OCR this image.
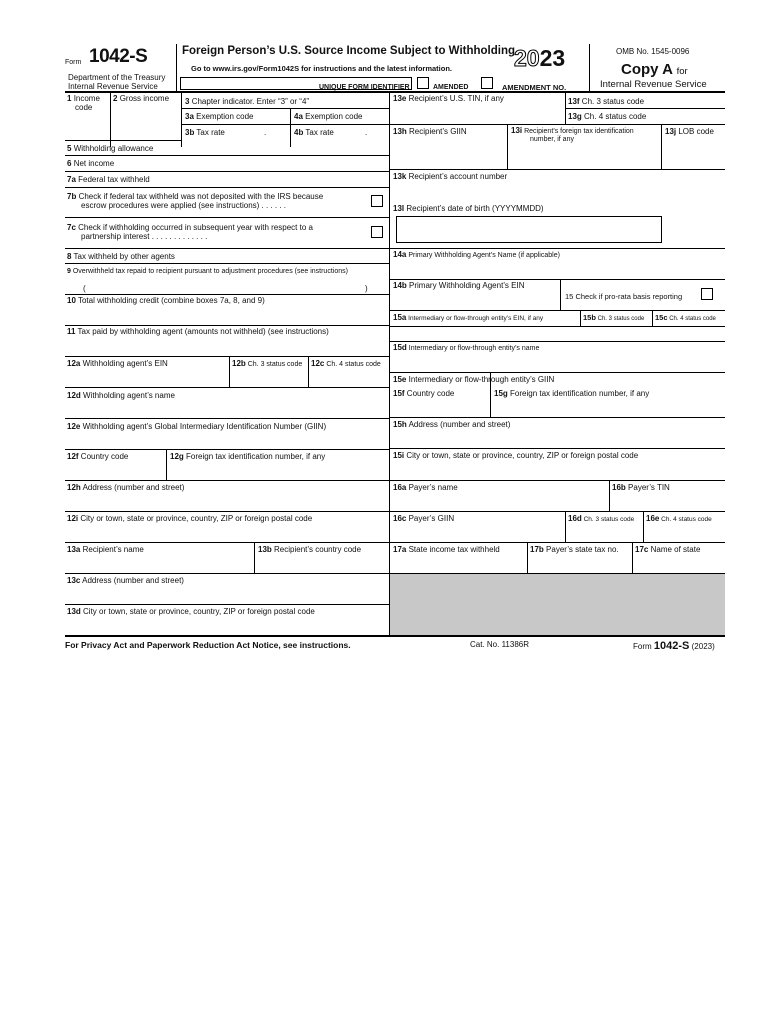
Form 1042-S
Department of the Treasury
Internal Revenue Service
Foreign Person’s U.S. Source Income Subject to Withholding
Go to www.irs.gov/Form1042S for instructions and the latest information.
UNIQUE FORM IDENTIFIER	AMENDED	AMENDMENT NO.
2023	OMB No. 1545-0096
Copy A for
Internal Revenue Service
1 Income
code
2 Gross income 3 Chapter indicator. Enter “3” or “4”
3a Exemption code	4a Exemption code
3b Tax rate	.	4b Tax rate	.
5 Withholding allowance
6 Net income
7a Federal tax withheld
7b Check if federal tax withheld was not deposited with the IRS because
escrow procedures were applied (see instructions) . . . . . .
7c Check if withholding occurred in subsequent year with respect to a
partnership interest . . . . . . . . . . . . .
8 Tax withheld by other agents
9 Overwithheld tax repaid to recipient pursuant to adjustment procedures (see instructions)
(	)
10 Total withholding credit (combine boxes 7a, 8, and 9)
11 Tax paid by withholding agent (amounts not withheld) (see instructions)
12a Withholding agent’s EIN	12b Ch. 3 status code 12c Ch. 4 status code
12d Withholding agent’s name
12e Withholding agent’s Global Intermediary Identification Number (GIIN)
12f Country code	12g Foreign tax identification number, if any
12h Address (number and street)
12i City or town, state or province, country, ZIP or foreign postal code
13a Recipient’s name	13b Recipient’s country code
13c Address (number and street)
13d City or town, state or province, country, ZIP or foreign postal code
13e Recipient’s U.S. TIN, if any	13f Ch. 3 status code
13g Ch. 4 status code
13h Recipient’s GIIN	13i Recipient’s foreign tax identification
number, if any
13j LOB code
13k Recipient’s account number
13l Recipient’s date of birth (YYYYMMDD)
14a Primary Withholding Agent’s Name (if applicable)
14b Primary Withholding Agent’s EIN
15 Check if pro-rata basis reporting
15a Intermediary or flow-through entity’s EIN, if any	15b Ch. 3 status code 15c Ch. 4 status code
15d Intermediary or flow-through entity’s name
15e Intermediary or flow-through entity’s GIIN
15f Country code	15g Foreign tax identification number, if any
15h Address (number and street)
15i City or town, state or province, country, ZIP or foreign postal code
16a Payer’s name	16b Payer’s TIN
16c Payer’s GIIN	16d Ch. 3 status code 16e Ch. 4 status code
17a State income tax withheld	17b Payer’s state tax no. 17c Name of state
For Privacy Act and Paperwork Reduction Act Notice, see instructions.	Cat. No. 11386R	Form 1042-S (2023)
